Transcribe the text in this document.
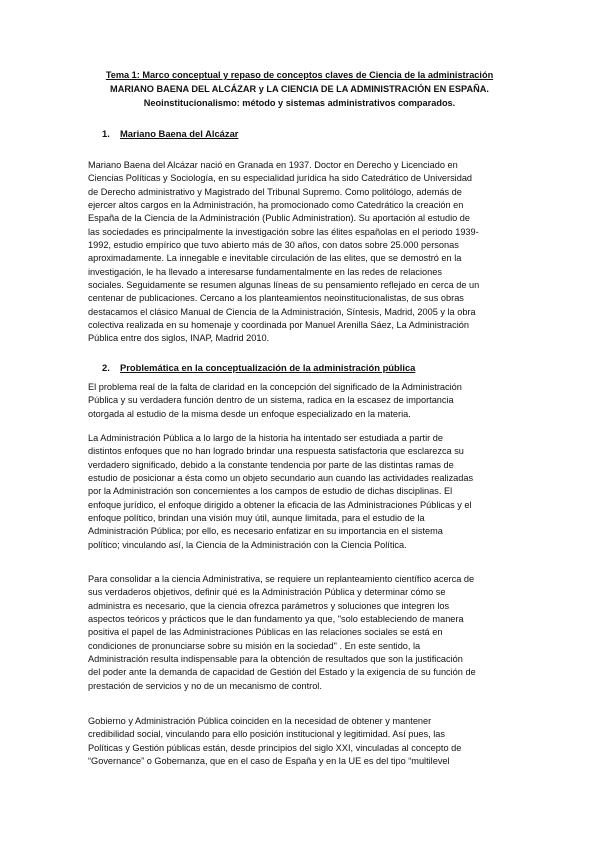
Tema 1: Marco conceptual y repaso de conceptos claves de Ciencia de la administración
MARIANO BAENA DEL ALCÁZAR y LA CIENCIA DE LA ADMINISTRACIÓN EN ESPAÑA.
Neoinstitucionalismo: método y sistemas administrativos comparados.
1. Mariano Baena del Alcázar
Mariano Baena del Alcázar nació en Granada en 1937. Doctor en Derecho y Licenciado en
Ciencias Políticas y Sociología, en su especialidad jurídica ha sido Catedrático de Universidad
de Derecho administrativo y Magistrado del Tribunal Supremo. Como politólogo, además de
ejercer altos cargos en la Administración, ha promocionado como Catedrático la creación en
España de la Ciencia de la Administración (Public Administration). Su aportación al estudio de
las sociedades es principalmente la investigación sobre las élites españolas en el periodo 1939-
1992, estudio empírico que tuvo abierto más de 30 años, con datos sobre 25.000 personas
aproximadamente. La innegable e inevitable circulación de las elites, que se demostró en la
investigación, le ha llevado a interesarse fundamentalmente en las redes de relaciones
sociales. Seguidamente se resumen algunas líneas de su pensamiento reflejado en cerca de un
centenar de publicaciones. Cercano a los planteamientos neoinstitucionalistas, de sus obras
destacamos el clásico Manual de Ciencia de la Administración, Síntesis, Madrid, 2005 y la obra
colectiva realizada en su homenaje y coordinada por Manuel Arenilla Sáez, La Administración
Pública entre dos siglos, INAP, Madrid 2010.
2. Problemática en la conceptualización de la administración pública
El problema real de la falta de claridad en la concepción del significado de la Administración
Pública y su verdadera función dentro de un sistema, radica en la escasez de importancia
otorgada al estudio de la misma desde un enfoque especializado en la materia.
La Administración Pública a lo largo de la historia ha intentado ser estudiada a partir de
distintos enfoques que no han logrado brindar una respuesta satisfactoria que esclarezca su
verdadero significado, debido a la constante tendencia por parte de las distintas ramas de
estudio de posicionar a ésta como un objeto secundario aun cuando las actividades realizadas
por la Administración son concernientes a los campos de estudio de dichas disciplinas. El
enfoque jurídico, el enfoque dirigido a obtener la eficacia de las Administraciones Públicas y el
enfoque político, brindan una visión muy útil, aunque limitada, para el estudio de la
Administración Pública; por ello, es necesario enfatizar en su importancia en el sistema
político; vinculando así, la Ciencia de la Administración con la Ciencia Política.
Para consolidar a la ciencia Administrativa, se requiere un replanteamiento científico acerca de
sus verdaderos objetivos, definir qué es la Administración Pública y determinar cómo se
administra es necesario, que la ciencia ofrezca parámetros y soluciones que integren los
aspectos teóricos y prácticos que le dan fundamento ya que, "solo estableciendo de manera
positiva el papel de las Administraciones Públicas en las relaciones sociales se está en
condiciones de pronunciarse sobre su misión en la sociedad" . En este sentido, la
Administración resulta indispensable para la obtención de resultados que son la justificación
del poder ante la demanda de capacidad de Gestión del Estado y la exigencia de su función de
prestación de servicios y no de un mecanismo de control.
Gobierno y Administración Pública coinciden en la necesidad de obtener y mantener
credibilidad social, vinculando para ello posición institucional y legitimidad. Así pues, las
Políticas y Gestión públicas están, desde principios del siglo XXI, vinculadas al concepto de
“Governance” o Gobernanza, que en el caso de España y en la UE es del tipo “multilevel
